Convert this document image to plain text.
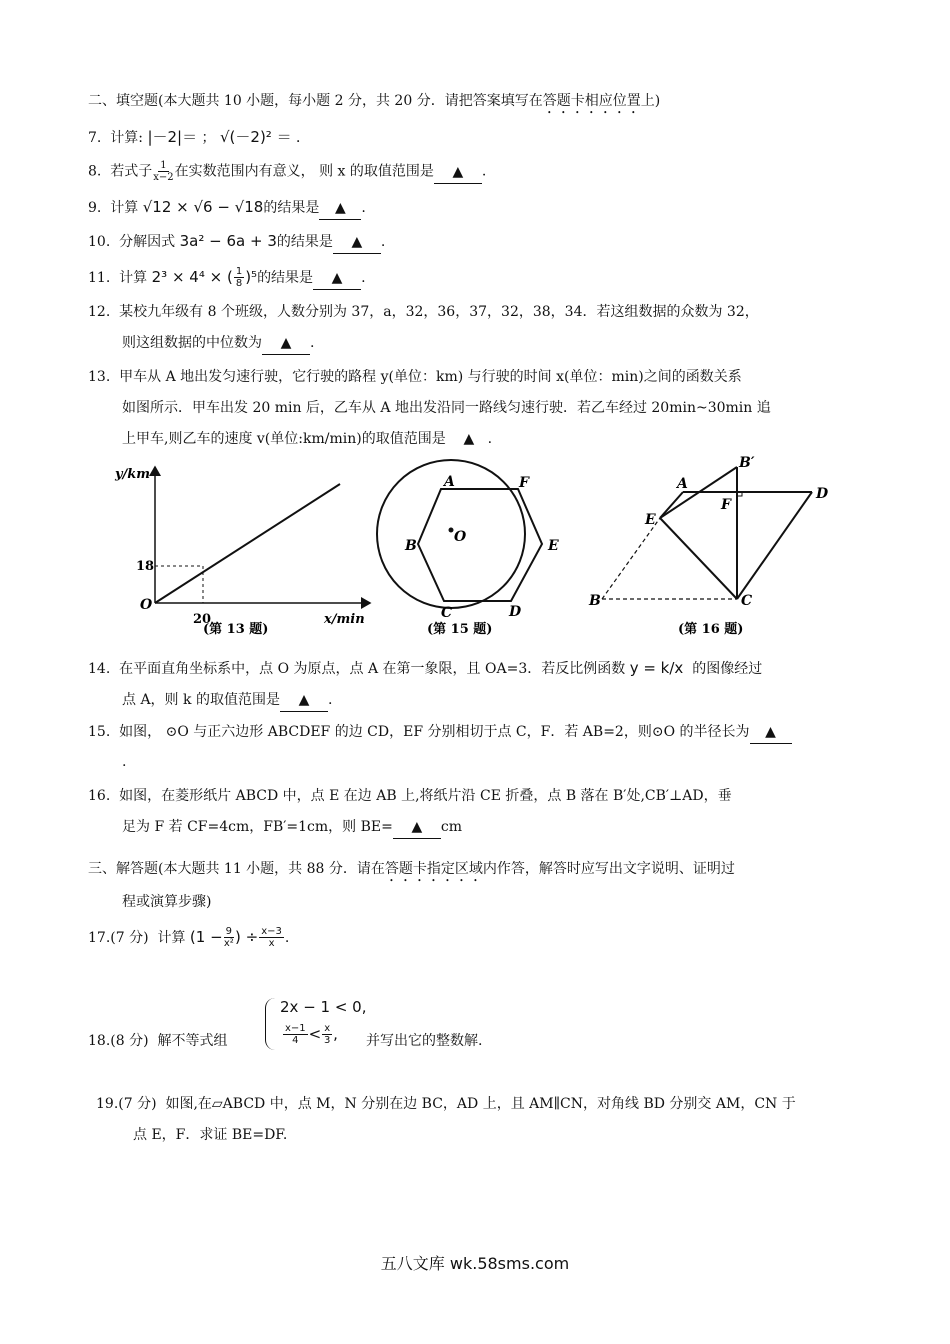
二、填空题(本大题共 10 小题，每小题 2 分，共 20 分．请把答案填写在答题卡相应位置上)
7. 计算: |－2|＝ ； √(－2)² ＝ ．
8. 若式子 $\frac{1}{x-2}$ 在实数范围内有意义， 则 x 的取值范围是 ▲ .
9. 计算 √12 × √6 − √18的结果是 ▲ .
10. 分解因式 3a² − 6a + 3的结果是 ▲ .
11. 计算 2³ × 4⁴ × ( $\frac{1}{8} )^5$的结果是 ▲ .
12. 某校九年级有 8 个班级，人数分别为 37，a，32，36，37，32，38，34．若这组数据的众数为 32，
则这组数据的中位数为 ▲ .
13. 甲车从 A 地出发匀速行驶，它行驶的路程 y(单位：km) 与行驶的时间 x(单位：min)之间的函数关系
如图所示．甲车出发 20 min 后，乙车从 A 地出发沿同一路线匀速行驶．若乙车经过 20min~30min 追
上甲车,则乙车的速度 v(单位:km/min)的取值范围是 ▲ .
y/km
x/min
O
18
20
(第 13 题)
A
B
C	D
E
F
O
(第 15 题)
A
B
B′
C
D
E
F
(第 16 题)
14. 在平面直角坐标系中，点 O 为原点，点 A 在第一象限，且 OA=3．若反比例函数 y = k/x 的图像经过
点 A，则 k 的取值范围是 ▲ .
15. 如图， ⊙O 与正六边形 ABCDEF 的边 CD，EF 分别相切于点 C，F．若 AB=2，则⊙O 的半径长为 ▲
.
16. 如图，在菱形纸片 ABCD 中，点 E 在边 AB 上,将纸片沿 CE 折叠，点 B 落在 B′处,CB′⊥AD，垂
足为 F 若 CF=4cm，FB′=1cm，则 BE= ▲ cm
三、解答题(本大题共 11 小题，共 88 分．请在答题卡指定区域内作答，解答时应写出文字说明、证明过
程或演算步骤)
17.(7 分) 计算 ($1 - \frac{9}{\text{x²}}$ ) ÷ $\frac{x-3}{x}$ .
18.(8 分) 解不等式组
2x − 1 < 0,
$\frac{x-1}{4} < \frac{x}{3}$ , 并写出它的整数解.
19.(7 分) 如图,在▱ABCD 中，点 M，N 分别在边 BC，AD 上，且 AM∥CN，对角线 BD 分别交 AM，CN 于
点 E，F．求证 BE=DF.
五八文库 wk.58sms.com
